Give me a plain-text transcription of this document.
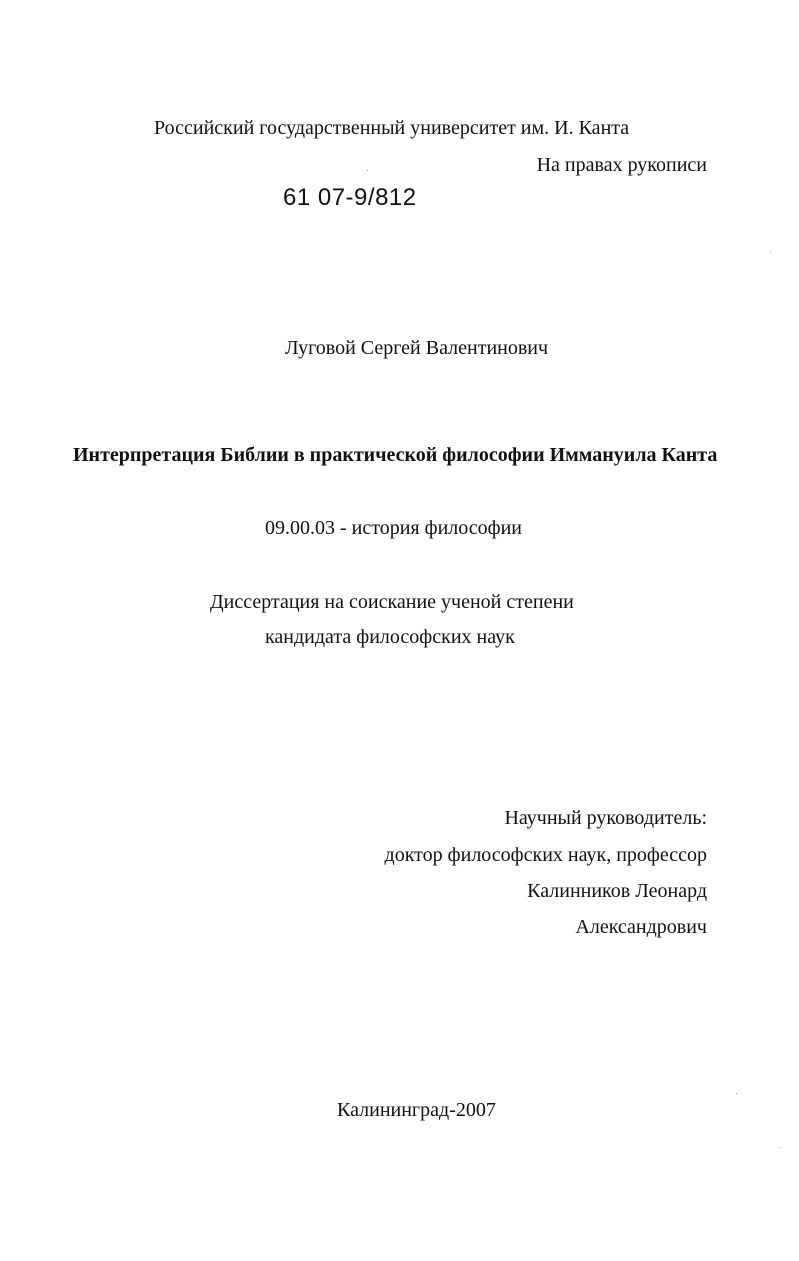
Российский государственный университет им. И. Канта
На правах рукописи
61 07-9/812
Луговой Сергей Валентинович
Интерпретация Библии в практической философии Иммануила Канта
09.00.03 - история философии
Диссертация на соискание ученой степени
кандидата философских наук
Научный руководитель:
доктор философских наук, профессор
Калинников Леонард
Александрович
Калининград-2007
